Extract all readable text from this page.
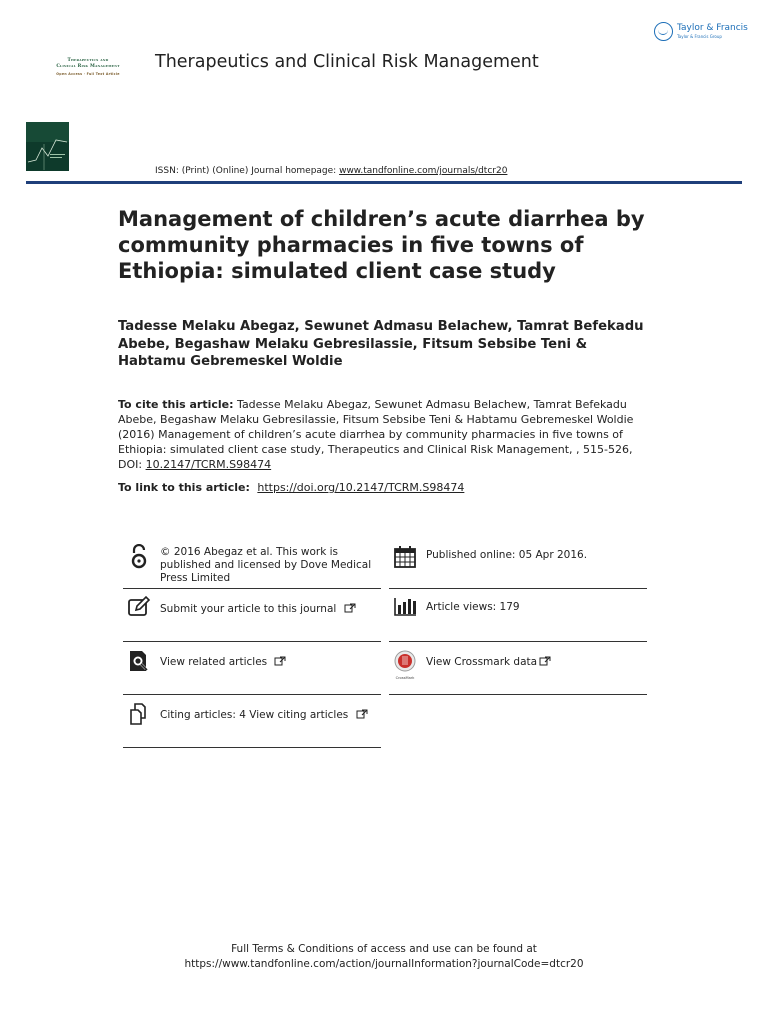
Therapeutics and
Clinical Risk Management
Open Access · Full Text Article
Therapeutics and Clinical Risk Management
Taylor & Francis
Taylor & Francis Group
ISSN: (Print) (Online) Journal homepage: www.tandfonline.com/journals/dtcr20
Management of children’s acute diarrhea by community pharmacies in five towns of Ethiopia: simulated client case study
Tadesse Melaku Abegaz, Sewunet Admasu Belachew, Tamrat Befekadu Abebe, Begashaw Melaku Gebresilassie, Fitsum Sebsibe Teni & Habtamu Gebremeskel Woldie
To cite this article: Tadesse Melaku Abegaz, Sewunet Admasu Belachew, Tamrat Befekadu Abebe, Begashaw Melaku Gebresilassie, Fitsum Sebsibe Teni & Habtamu Gebremeskel Woldie (2016) Management of children’s acute diarrhea by community pharmacies in five towns of Ethiopia: simulated client case study, Therapeutics and Clinical Risk Management, , 515-526, DOI: 10.2147/TCRM.S98474
To link to this article: https://doi.org/10.2147/TCRM.S98474
© 2016 Abegaz et al. This work is published and licensed by Dove Medical Press Limited
Submit your article to this journal
View related articles
Citing articles: 4 View citing articles
Published online: 05 Apr 2016.
Article views: 179
CrossMark
View Crossmark data
Full Terms & Conditions of access and use can be found at
https://www.tandfonline.com/action/journalInformation?journalCode=dtcr20
